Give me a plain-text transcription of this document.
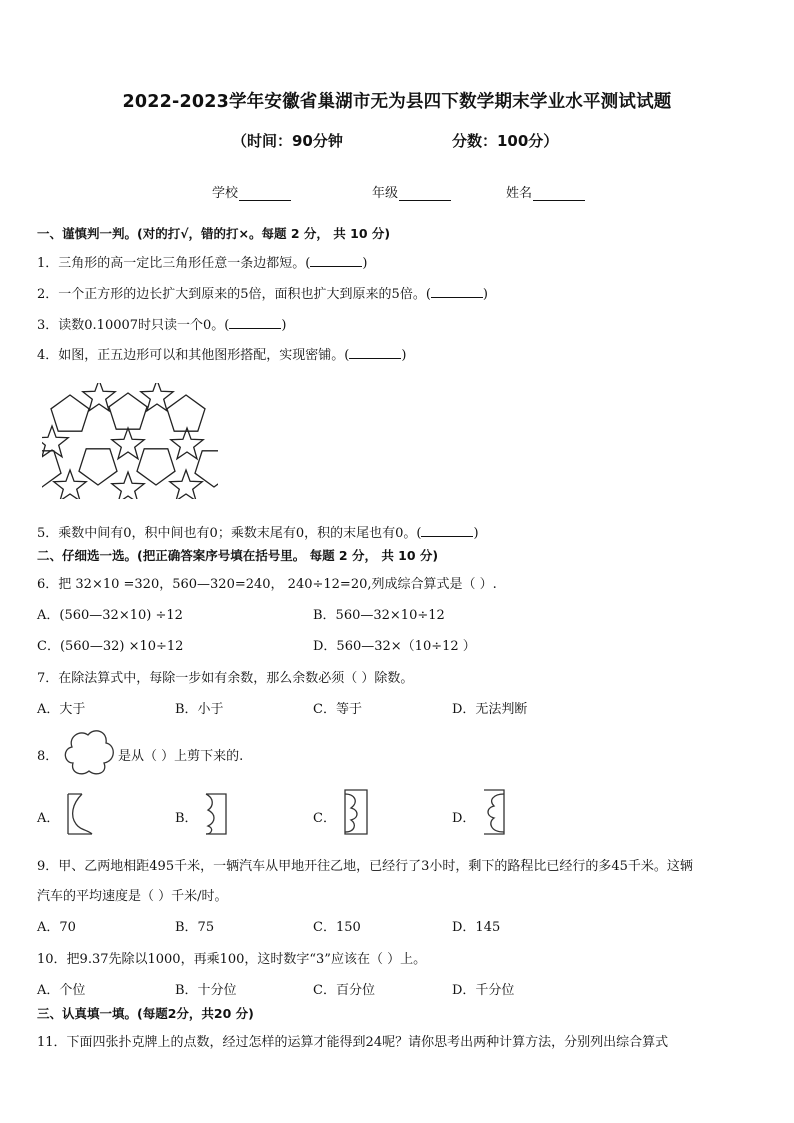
2022-2023学年安徽省巢湖市无为县四下数学期末学业水平测试试题
（时间：90分钟	分数：100分）
学校	年级	姓名
一、谨慎判一判。(对的打√，错的打×。每题 2 分， 共 10 分)
1．三角形的高一定比三角形任意一条边都短。(	)
2．一个正方形的边长扩大到原来的5倍，面积也扩大到原来的5倍。(	)
3．读数0.10007时只读一个0。(	)
4．如图，正五边形可以和其他图形搭配，实现密铺。(	)
5．乘数中间有0，积中间也有0；乘数末尾有0，积的末尾也有0。(	)
二、仔细选一选。(把正确答案序号填在括号里。 每题 2 分， 共 10 分)
6．把 32×10 =320，560—320=240， 240÷12=20,列成综合算式是（ ）.
A．(560—32×10) ÷12	B．560—32×10÷12
C．(560—32) ×10÷12	D．560—32×（10÷12 ）
7．在除法算式中，每除一步如有余数，那么余数必须（ ）除数。
A．大于	B．小于	C．等于	D．无法判断
8．	是从（ ）上剪下来的.
A．	B．	C．	D．
9．甲、乙两地相距495千米，一辆汽车从甲地开往乙地，已经行了3小时，剩下的路程比已经行的多45千米。这辆
汽车的平均速度是（ ）千米/时。
A．70	B．75	C．150	D．145
10．把9.37先除以1000，再乘100，这时数字“3”应该在（ ）上。
A．个位	B．十分位	C．百分位	D．千分位
三、认真填一填。(每题2分，共20 分)
11．下面四张扑克牌上的点数，经过怎样的运算才能得到24呢？请你思考出两种计算方法，分别列出综合算式
